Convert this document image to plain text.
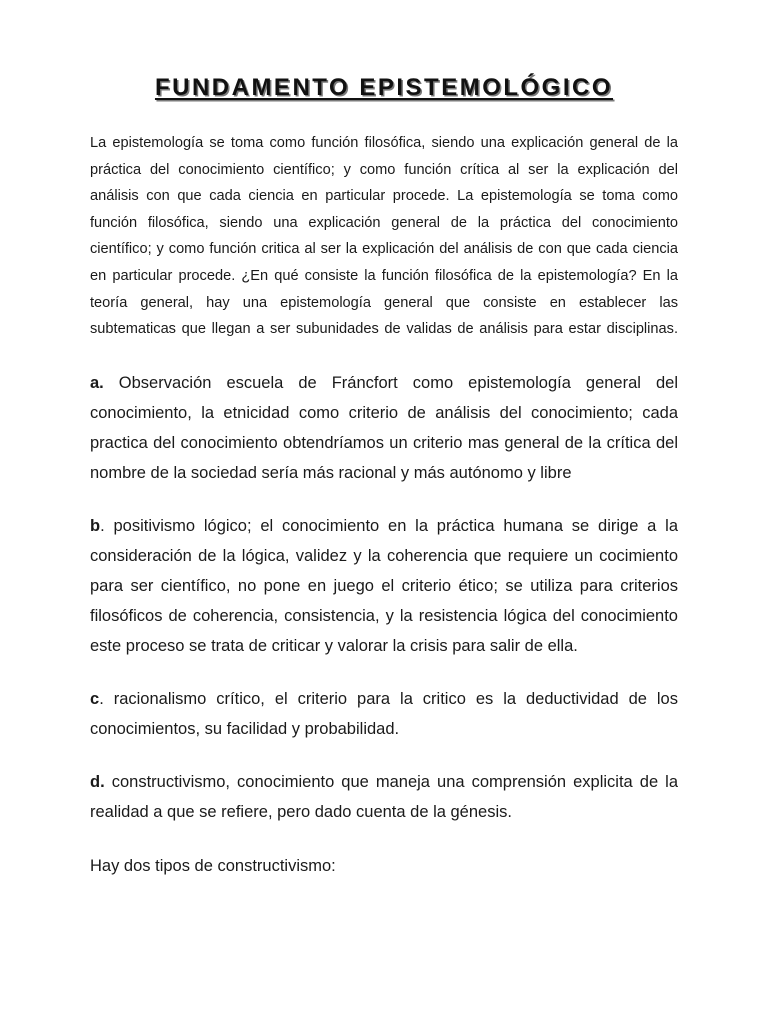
FUNDAMENTO EPISTEMOLÓGICO
La epistemología se toma como función filosófica, siendo una explicación general de la
práctica del conocimiento científico; y como función crítica al ser la explicación del
análisis con que cada ciencia en particular procede. La epistemología se toma como
función filosófica, siendo una explicación general de la práctica del conocimiento
científico; y como función critica al ser la explicación del análisis de con que cada ciencia
en particular procede. ¿En qué consiste la función filosófica de la epistemología? En la
teoría general, hay una epistemología general que consiste en establecer las
subtematicas que llegan a ser subunidades de validas de análisis para estar disciplinas.
a. Observación escuela de Fráncfort como epistemología general del
conocimiento, la etnicidad como criterio de análisis del conocimiento; cada
practica del conocimiento obtendríamos un criterio mas general de la crítica del
nombre de la sociedad sería más racional y más autónomo y libre
b. positivismo lógico; el conocimiento en la práctica humana se dirige a la
consideración de la lógica, validez y la coherencia que requiere un cocimiento
para ser científico, no pone en juego el criterio ético; se utiliza para criterios
filosóficos de coherencia, consistencia, y la resistencia lógica del conocimiento
este proceso se trata de criticar y valorar la crisis para salir de ella.
c. racionalismo crítico, el criterio para la critico es la deductividad de los
conocimientos, su facilidad y probabilidad.
d. constructivismo, conocimiento que maneja una comprensión explicita de la
realidad a que se refiere, pero dado cuenta de la génesis.
Hay dos tipos de constructivismo:
